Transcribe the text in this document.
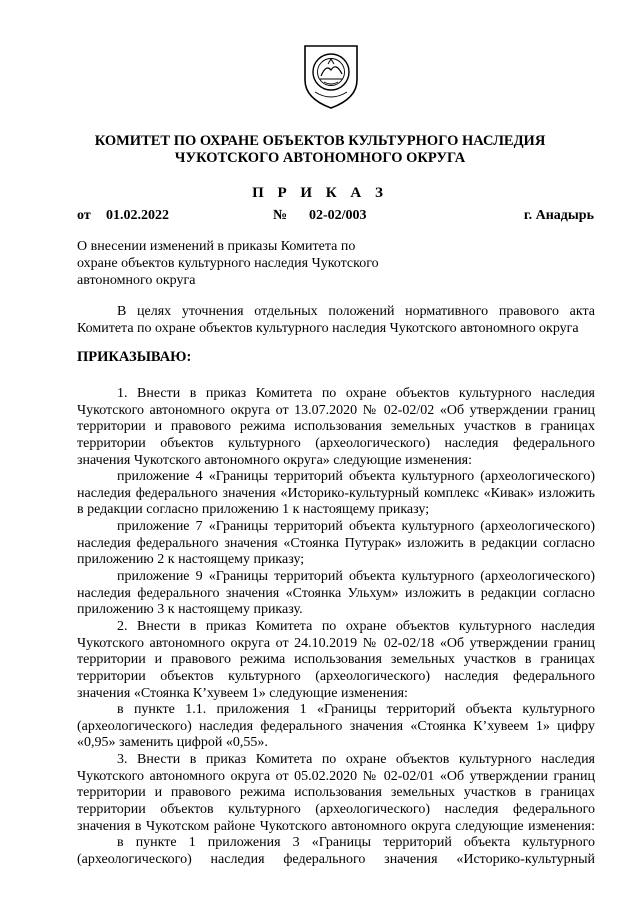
КОМИТЕТ ПО ОХРАНЕ ОБЪЕКТОВ КУЛЬТУРНОГО НАСЛЕДИЯ
ЧУКОТСКОГО АВТОНОМНОГО ОКРУГА
П Р И К А З
от 01.02.2022	№ 02-02/003	г. Анадырь
О внесении изменений в приказы Комитета по
охране объектов культурного наследия Чукотского
автономного округа
В целях уточнения отдельных положений нормативного правового акта
Комитета по охране объектов культурного наследия Чукотского автономного округа
ПРИКАЗЫВАЮ:
1. Внести в приказ Комитета по охране объектов культурного наследия
Чукотского автономного округа от 13.07.2020 № 02-02/02 «Об утверждении границ
территории и правового режима использования земельных участков в границах
территории объектов культурного (археологического) наследия федерального
значения Чукотского автономного округа» следующие изменения:
приложение 4 «Границы территорий объекта культурного (археологического)
наследия федерального значения «Историко-культурный комплекс «Кивак» изложить
в редакции согласно приложению 1 к настоящему приказу;
приложение 7 «Границы территорий объекта культурного (археологического)
наследия федерального значения «Стоянка Путурак» изложить в редакции согласно
приложению 2 к настоящему приказу;
приложение 9 «Границы территорий объекта культурного (археологического)
наследия федерального значения «Стоянка Ульхум» изложить в редакции согласно
приложению 3 к настоящему приказу.
2. Внести в приказ Комитета по охране объектов культурного наследия
Чукотского автономного округа от 24.10.2019 № 02-02/18 «Об утверждении границ
территории и правового режима использования земельных участков в границах
территории объектов культурного (археологического) наследия федерального
значения «Стоянка К’хувеем 1» следующие изменения:
в пункте 1.1. приложения 1 «Границы территорий объекта культурного
(археологического) наследия федерального значения «Стоянка К’хувеем 1» цифру
«0,95» заменить цифрой «0,55».
3. Внести в приказ Комитета по охране объектов культурного наследия
Чукотского автономного округа от 05.02.2020 № 02-02/01 «Об утверждении границ
территории и правового режима использования земельных участков в границах
территории объектов культурного (археологического) наследия федерального
значения в Чукотском районе Чукотского автономного округа следующие изменения:
в пункте 1 приложения 3 «Границы территорий объекта культурного
(археологического) наследия федерального значения «Историко-культурный
